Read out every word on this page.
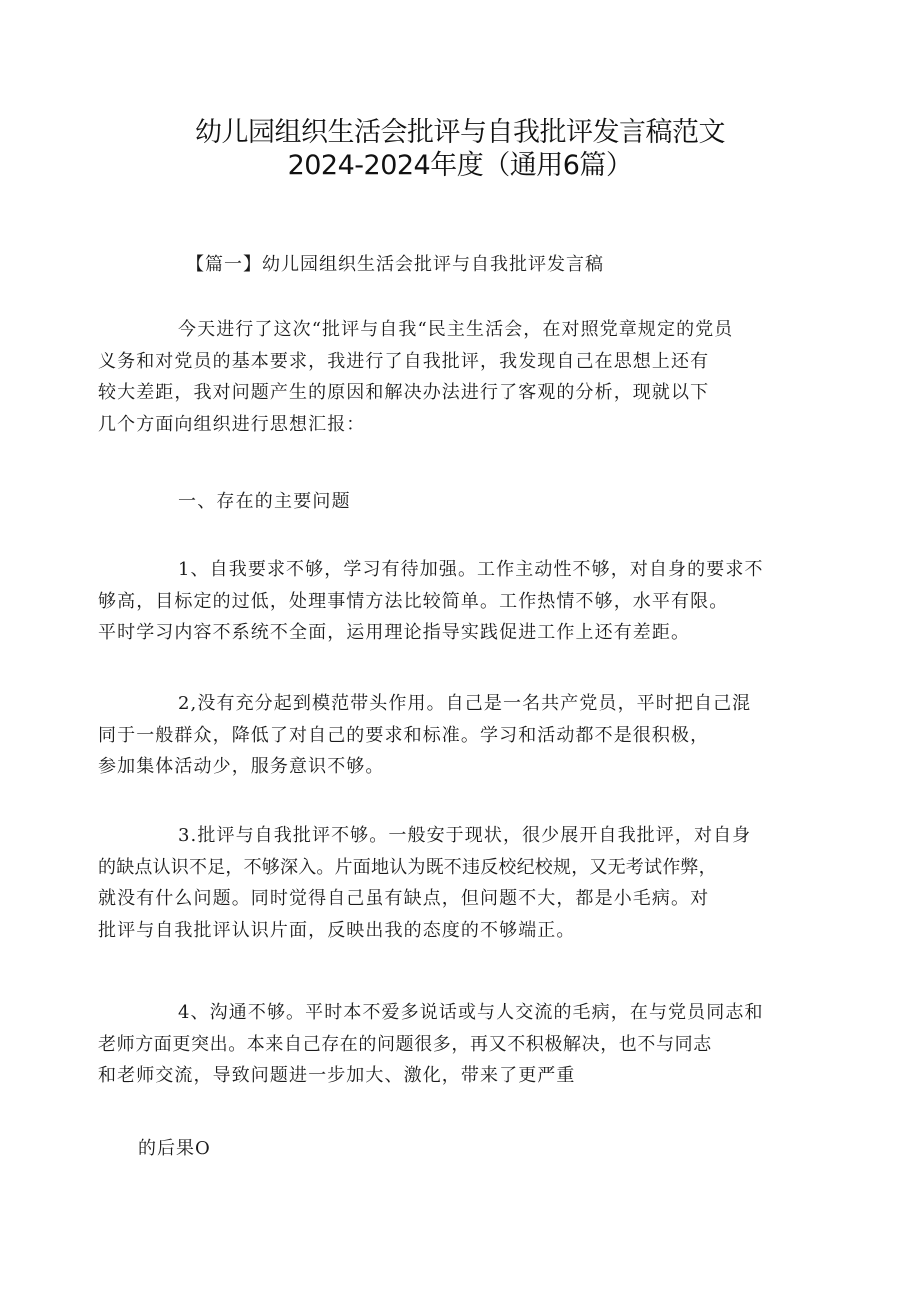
幼儿园组织生活会批评与自我批评发言稿范文
2024-2024年度（通用6篇）
【篇一】幼儿园组织生活会批评与自我批评发言稿

今天进行了这次“批评与自我“民主生活会，在对照党章规定的党员
义务和对党员的基本要求，我进行了自我批评，我发现自己在思想上还有
较大差距，我对问题产生的原因和解决办法进行了客观的分析，现就以下
几个方面向组织进行思想汇报：

一、存在的主要问题

1、自我要求不够，学习有待加强。工作主动性不够，对自身的要求不
够高，目标定的过低，处理事情方法比较简单。工作热情不够，水平有限。
平时学习内容不系统不全面，运用理论指导实践促进工作上还有差距。

2,没有充分起到模范带头作用。自己是一名共产党员，平时把自己混
同于一般群众，降低了对自己的要求和标准。学习和活动都不是很积极，
参加集体活动少，服务意识不够。

3.批评与自我批评不够。一般安于现状，很少展开自我批评，对自身
的缺点认识不足，不够深入。片面地认为既不违反校纪校规，又无考试作弊，
就没有什么问题。同时觉得自己虽有缺点，但问题不大，都是小毛病。对
批评与自我批评认识片面，反映出我的态度的不够端正。

4、沟通不够。平时本不爱多说话或与人交流的毛病，在与党员同志和
老师方面更突出。本来自己存在的问题很多，再又不积极解决，也不与同志
和老师交流，导致问题进一步加大、激化，带来了更严重

的后果O
